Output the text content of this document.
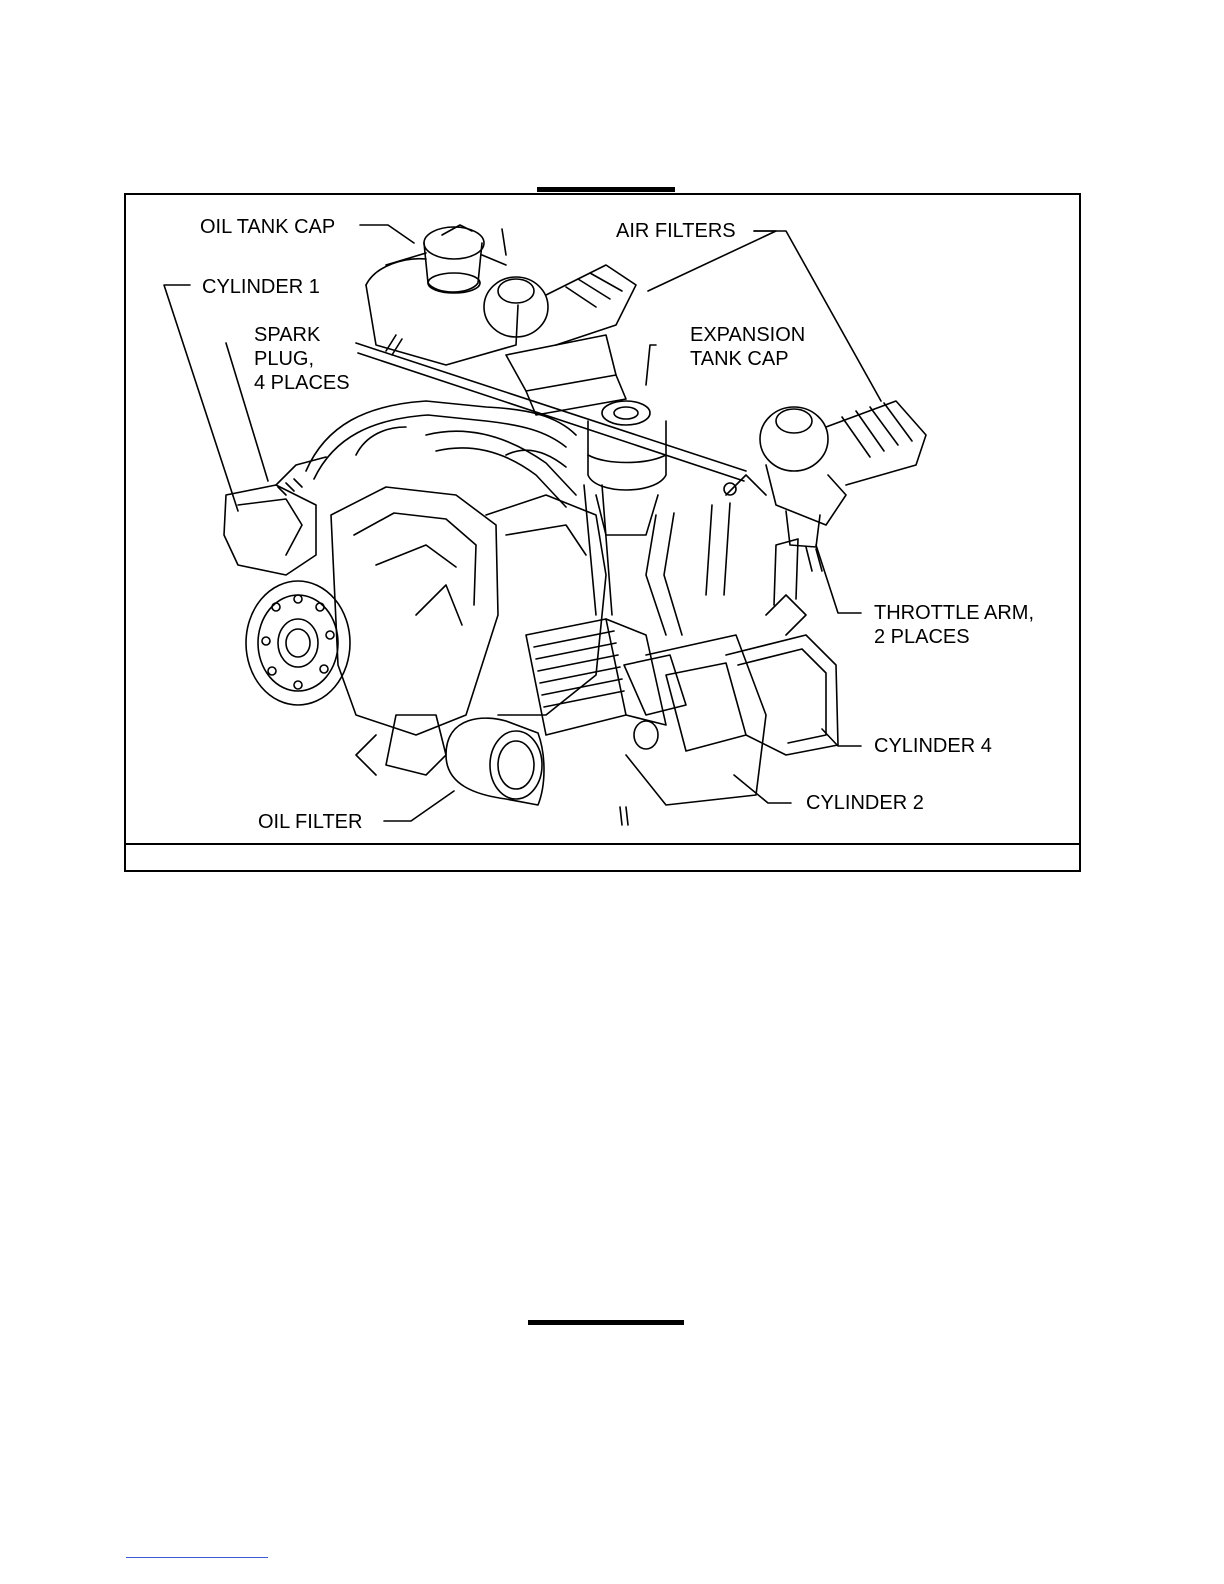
OIL TANK CAP	AIR FILTERS
CYLINDER 1
SPARK
PLUG,
4 PLACES
EXPANSION
TANK CAP
THROTTLE ARM,
2 PLACES
CYLINDER 4
CYLINDER 2
OIL FILTER
